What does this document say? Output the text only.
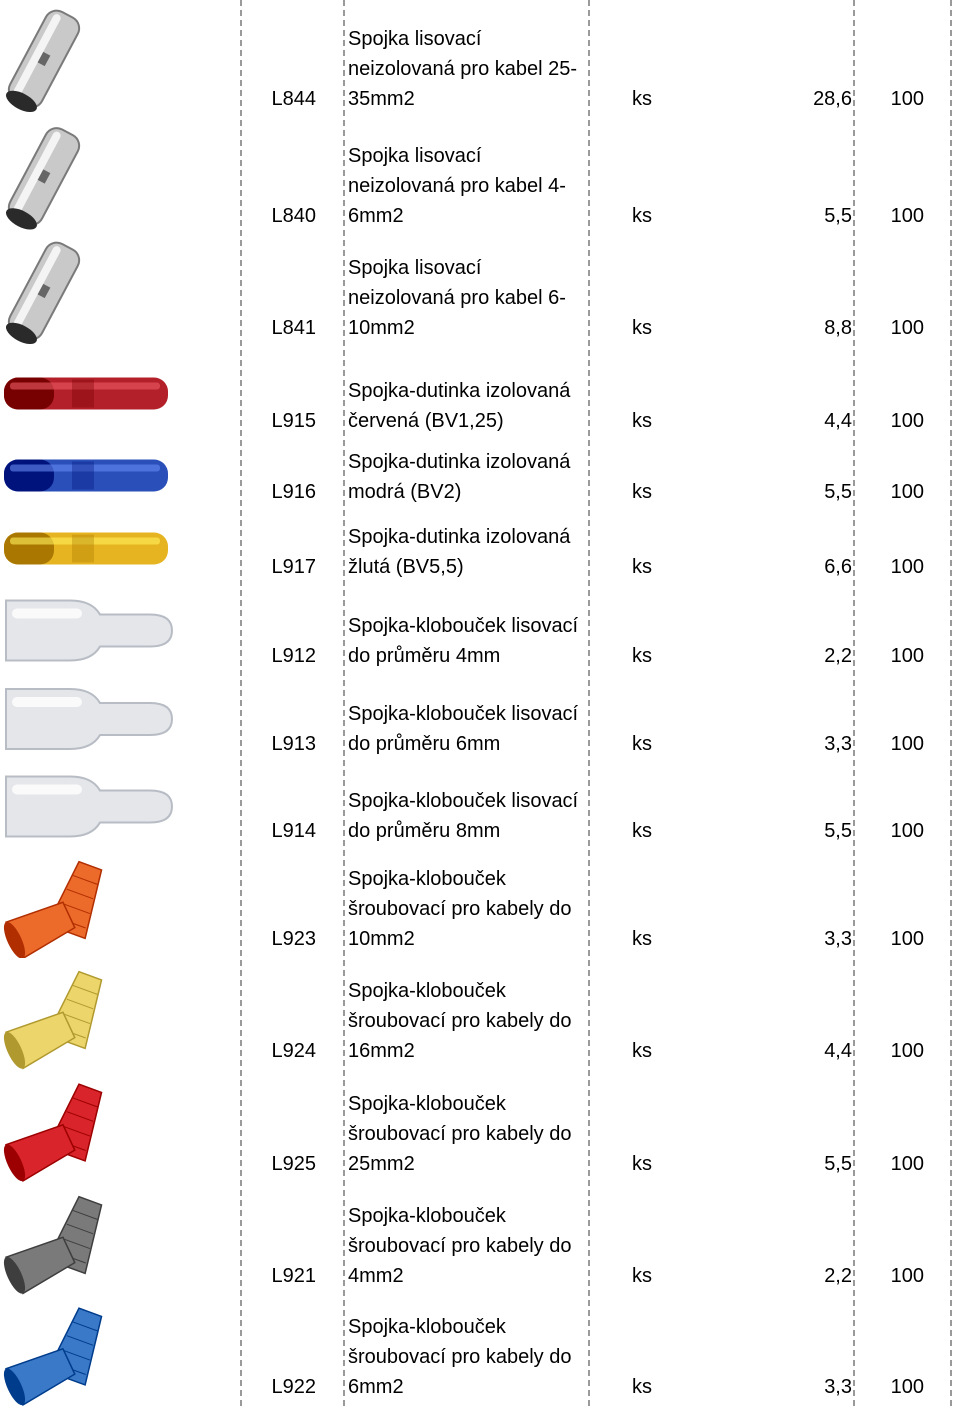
L844
Spojka lisovací
neizolovaná pro kabel 25-
35mm2	ks	28,6	100
L840
Spojka lisovací
neizolovaná pro kabel 4-
6mm2	ks	5,5	100
L841
Spojka lisovací
neizolovaná pro kabel 6-
10mm2	ks	8,8	100
L915
Spojka-dutinka izolovaná
červená (BV1,25)	ks	4,4	100
L916
Spojka-dutinka izolovaná
modrá (BV2)	ks	5,5	100
L917
Spojka-dutinka izolovaná
žlutá (BV5,5)	ks	6,6	100
L912
Spojka-klobouček lisovací
do průměru 4mm	ks	2,2	100
L913
Spojka-klobouček lisovací
do průměru 6mm	ks	3,3	100
L914
Spojka-klobouček lisovací
do průměru 8mm	ks	5,5	100
L923
Spojka-klobouček
šroubovací pro kabely do
10mm2	ks	3,3	100
L924
Spojka-klobouček
šroubovací pro kabely do
16mm2	ks	4,4	100
L925
Spojka-klobouček
šroubovací pro kabely do
25mm2	ks	5,5	100
L921
Spojka-klobouček
šroubovací pro kabely do
4mm2	ks	2,2	100
L922
Spojka-klobouček
šroubovací pro kabely do
6mm2	ks	3,3	100
